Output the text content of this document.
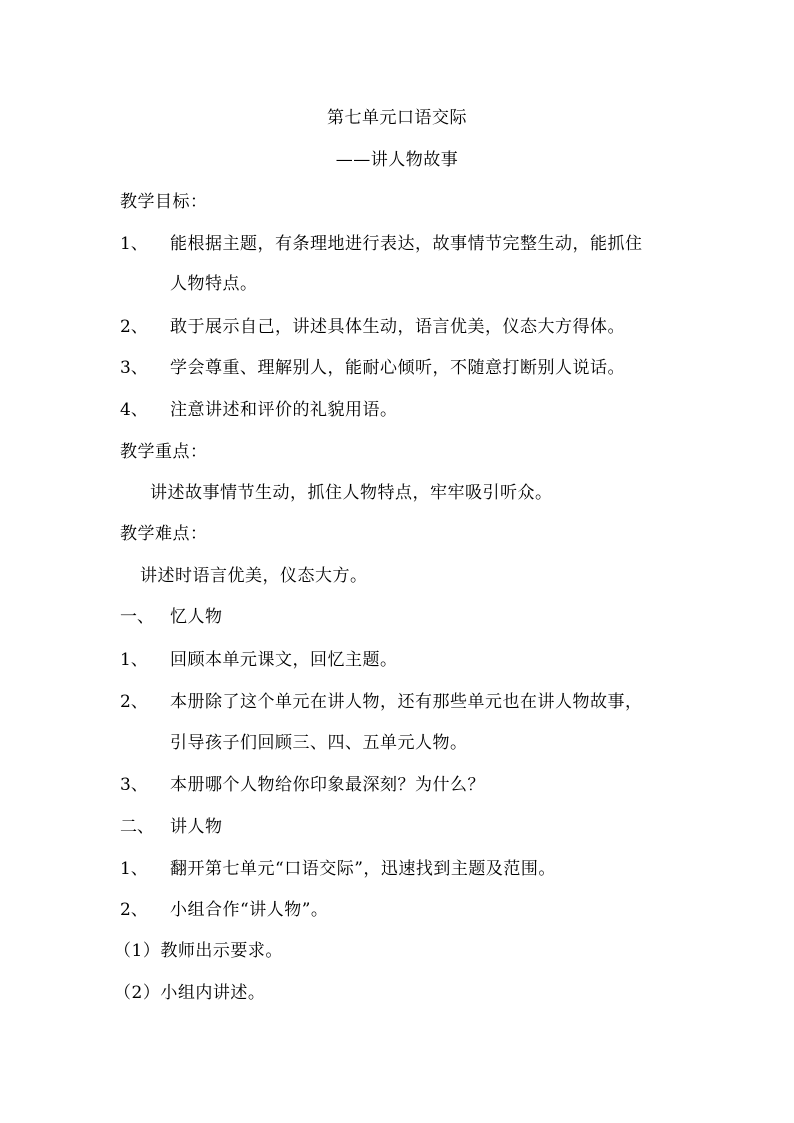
第七单元口语交际
——讲人物故事
教学目标：
1、 能根据主题，有条理地进行表达，故事情节完整生动，能抓住
人物特点。
2、 敢于展示自己，讲述具体生动，语言优美，仪态大方得体。
3、 学会尊重、理解别人，能耐心倾听，不随意打断别人说话。
4、 注意讲述和评价的礼貌用语。
教学重点：
讲述故事情节生动，抓住人物特点，牢牢吸引听众。
教学难点：
讲述时语言优美，仪态大方。
一、 忆人物
1、 回顾本单元课文，回忆主题。
2、 本册除了这个单元在讲人物，还有那些单元也在讲人物故事，
引导孩子们回顾三、四、五单元人物。
3、 本册哪个人物给你印象最深刻？为什么？
二、 讲人物
1、 翻开第七单元“口语交际”，迅速找到主题及范围。
2、 小组合作“讲人物”。
（1）教师出示要求。
（2）小组内讲述。
